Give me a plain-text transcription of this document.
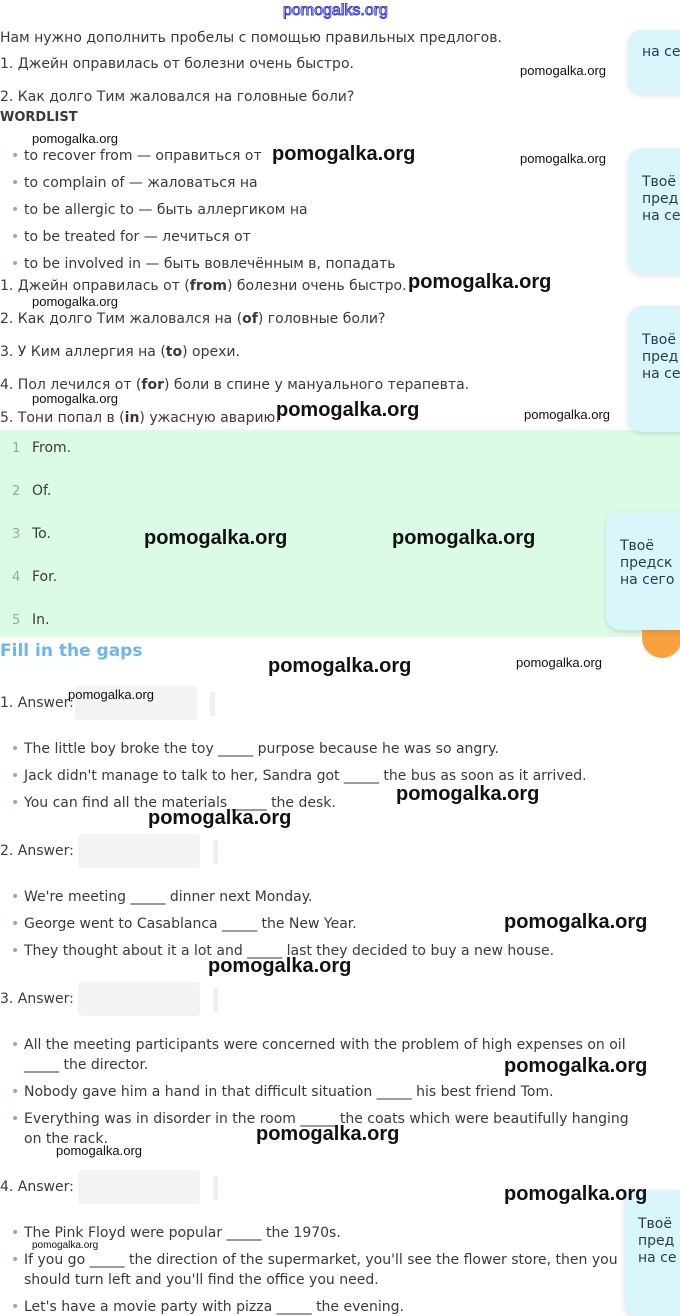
pomogalks.org
Нам нужно дополнить пробелы с помощью правильных предлогов.
1. Джейн оправилась от болезни очень быстро.
2. Как долго Тим жаловался на головные боли?
WORDLIST
• to recover from — оправиться от
• to complain of — жаловаться на
• to be allergic to — быть аллергиком на
• to be treated for — лечиться от
• to be involved in — быть вовлечённым в, попадать
1. Джейн оправилась от (from) болезни очень быстро.
2. Как долго Тим жаловался на (of) головные боли?
3. У Ким аллергия на (to) орехи.
4. Пол лечился от (for) боли в спине у мануального терапевта.
5. Тони попал в (in) ужасную аварию.
1 From.
2 Of.
3 To.
4 For.
5 In.
Fill in the gaps
1. Answer:
• The little boy broke the toy _____ purpose because he was so angry.
• Jack didn't manage to talk to her, Sandra got _____ the bus as soon as it arrived.
• You can find all the materials _____ the desk.
2. Answer:
• We're meeting _____ dinner next Monday.
• George went to Casablanca _____ the New Year.
• They thought about it a lot and _____ last they decided to buy a new house.
3. Answer:
• All the meeting participants were concerned with the problem of high expenses on oil
_____ the director.
• Nobody gave him a hand in that difficult situation _____ his best friend Tom.
• Everything was in disorder in the room _____ the coats which were beautifully hanging
on the rack.
4. Answer:
• The Pink Floyd were popular _____ the 1970s.
• If you go _____ the direction of the supermarket, you'll see the flower store, then you
should turn left and you'll find the office you need.
• Let's have a movie party with pizza _____ the evening.
на се
Твоё
пред
на се
Твоё
пред
на се
Твоё
предск
на сего
Твоё
пред
на се
pomogalka.org
pomogalka.org
pomogalka.org	pomogalka.org
pomogalka.org
pomogalka.org
pomogalka.org
pomogalka.org	pomogalka.org
pomogalka.org	pomogalka.org
pomogalka.org	pomogalka.org
pomogalka.org
pomogalka.org
pomogalka.org
pomogalka.org
pomogalka.org
pomogalka.org
pomogalka.org
pomogalka.org
pomogalka.org
pomogalka.org
